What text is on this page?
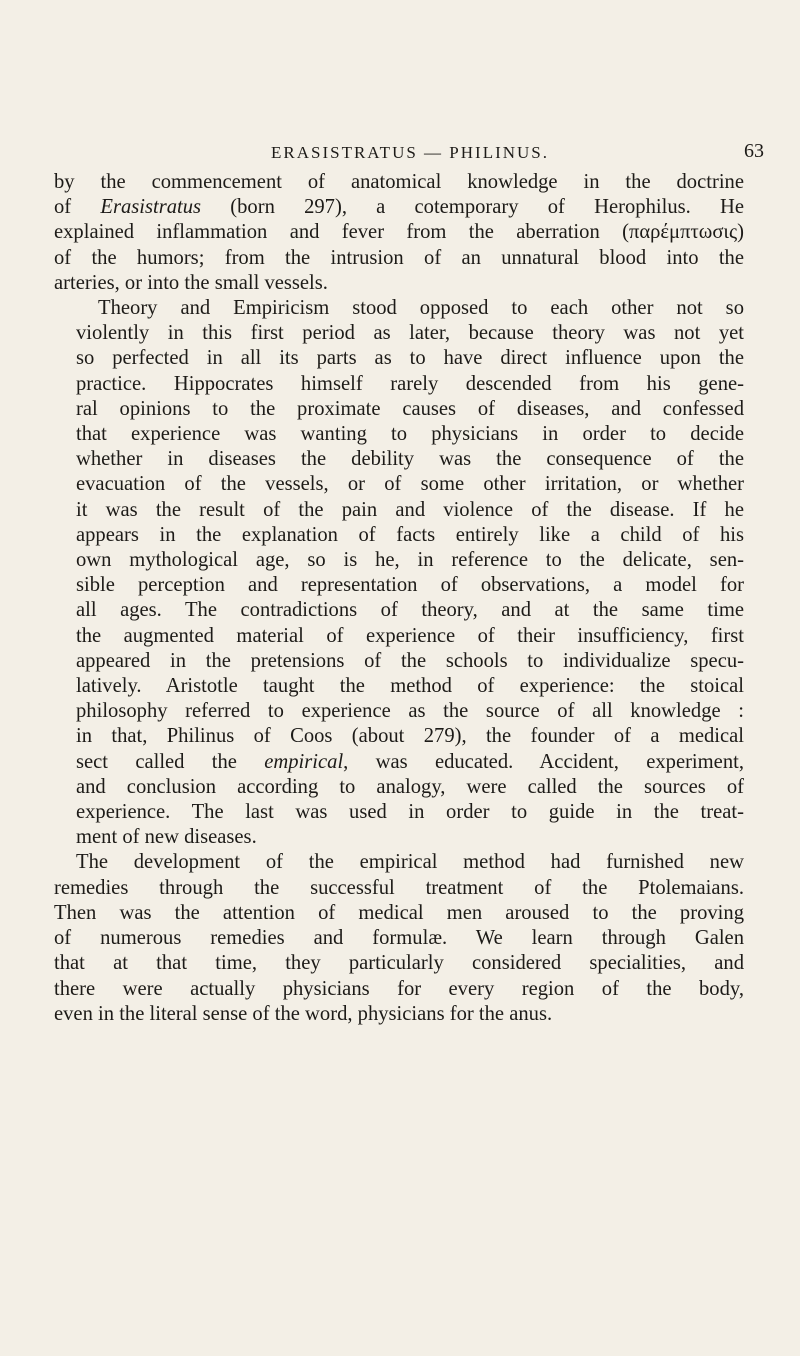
ERASISTRATUS — PHILINUS.	63

by the commencement of anatomical knowledge in the doctrine
of Erasistratus (born 297), a cotemporary of Herophilus. He
explained inflammation and fever from the aberration (παρέμπτωσις)
of the humors; from the intrusion of an unnatural blood into the
arteries, or into the small vessels.

Theory and Empiricism stood opposed to each other not so
violently in this first period as later, because theory was not yet
so perfected in all its parts as to have direct influence upon the
practice. Hippocrates himself rarely descended from his gene-
ral opinions to the proximate causes of diseases, and confessed
that experience was wanting to physicians in order to decide
whether in diseases the debility was the consequence of the
evacuation of the vessels, or of some other irritation, or whether
it was the result of the pain and violence of the disease. If he
appears in the explanation of facts entirely like a child of his
own mythological age, so is he, in reference to the delicate, sen-
sible perception and representation of observations, a model for
all ages. The contradictions of theory, and at the same time
the augmented material of experience of their insufficiency, first
appeared in the pretensions of the schools to individualize specu-
latively. Aristotle taught the method of experience: the stoical
philosophy referred to experience as the source of all knowledge :
in that, Philinus of Coos (about 279), the founder of a medical
sect called the empirical, was educated. Accident, experiment,
and conclusion according to analogy, were called the sources of
experience. The last was used in order to guide in the treat-
ment of new diseases.

The development of the empirical method had furnished new
remedies through the successful treatment of the Ptolemaians.
Then was the attention of medical men aroused to the proving
of numerous remedies and formulæ. We learn through Galen
that at that time, they particularly considered specialities, and
there were actually physicians for every region of the body,
even in the literal sense of the word, physicians for the anus.
